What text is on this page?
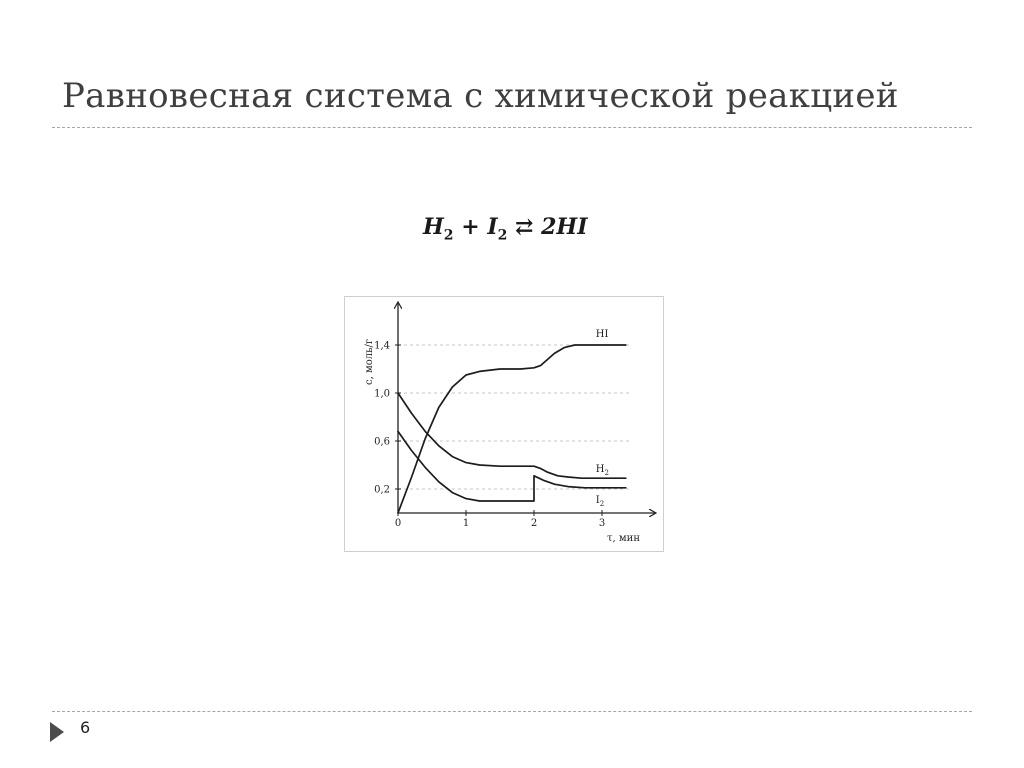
Равновесная система с химической реакцией
$H_2 + I_2$ ⇄ 2HI
0,2
0,6
1,0
1,4
0	1	2	3
HI
$H_2$
$I_2$
c, моль/г
τ, мин
6
